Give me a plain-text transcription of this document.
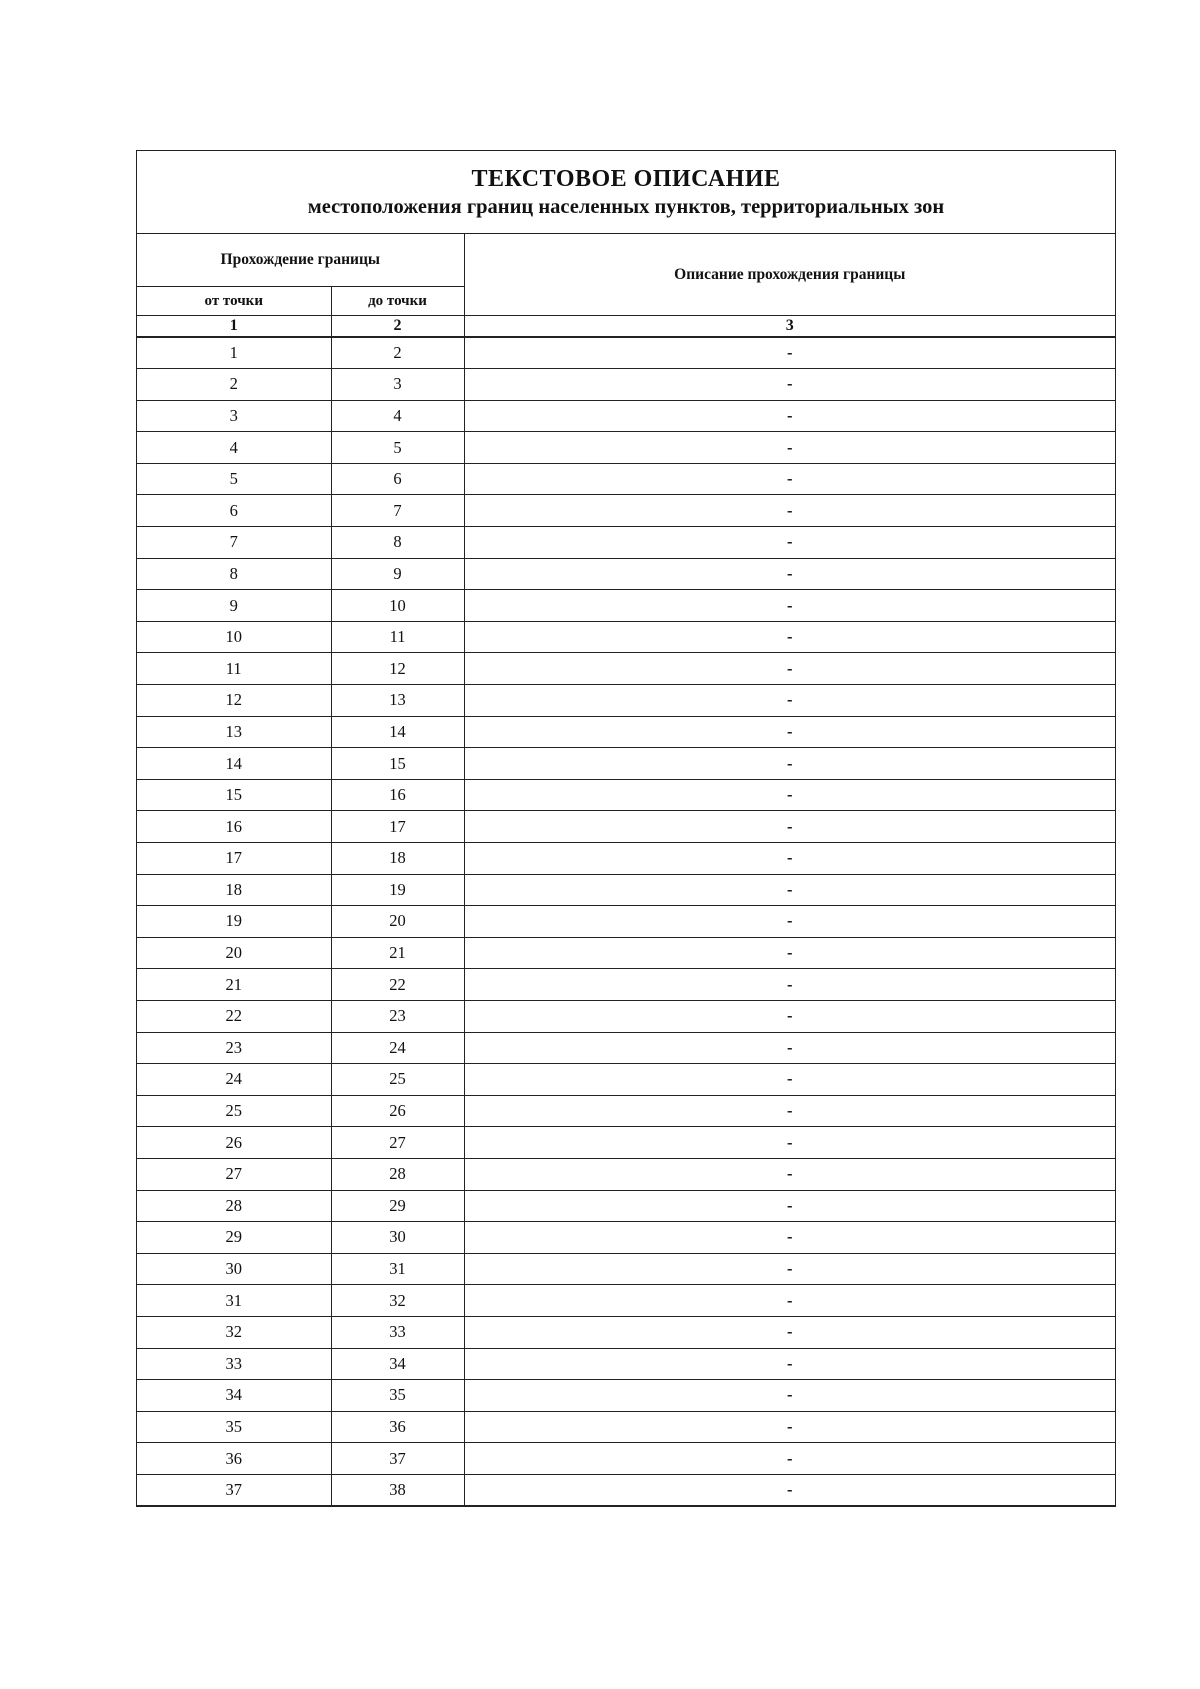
ТЕКСТОВОЕ ОПИСАНИЕ
местоположения границ населенных пунктов, территориальных зон
Прохождение границы		Описание прохождения границы
от точки	до точки	
1	2	3
1	2	-
2	3	-
3	4	-
4	5	-
5	6	-
6	7	-
7	8	-
8	9	-
9	10	-
10	11	-
11	12	-
12	13	-
13	14	-
14	15	-
15	16	-
16	17	-
17	18	-
18	19	-
19	20	-
20	21	-
21	22	-
22	23	-
23	24	-
24	25	-
25	26	-
26	27	-
27	28	-
28	29	-
29	30	-
30	31	-
31	32	-
32	33	-
33	34	-
34	35	-
35	36	-
36	37	-
37	38	-
